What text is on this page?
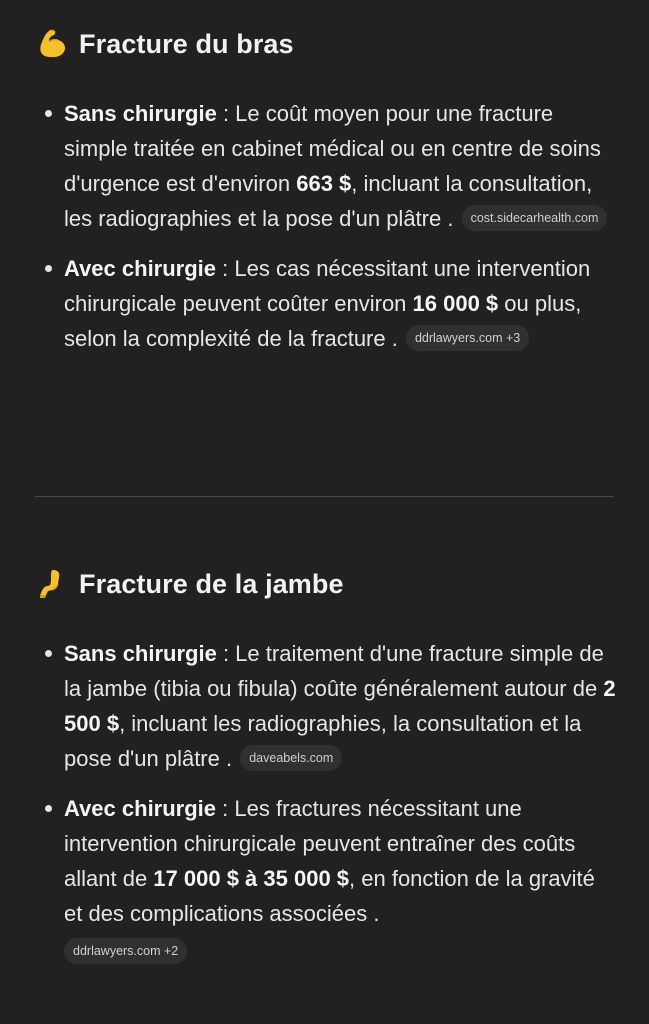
Fracture du bras
Sans chirurgie : Le coût moyen pour une fracture simple traitée en cabinet médical ou en centre de soins d'urgence est d'environ 663 $, incluant la consultation, les radiographies et la pose d'un plâtre . cost.sidecarhealth.com
Avec chirurgie : Les cas nécessitant une intervention chirurgicale peuvent coûter environ 16 000 $ ou plus, selon la complexité de la fracture . ddrlawyers.com +3
Fracture de la jambe
Sans chirurgie : Le traitement d'une fracture simple de la jambe (tibia ou fibula) coûte généralement autour de 2 500 $, incluant les radiographies, la consultation et la pose d'un plâtre . daveabels.com
Avec chirurgie : Les fractures nécessitant une intervention chirurgicale peuvent entraîner des coûts allant de 17 000 $ à 35 000 $, en fonction de la gravité et des complications associées .
ddrlawyers.com +2
